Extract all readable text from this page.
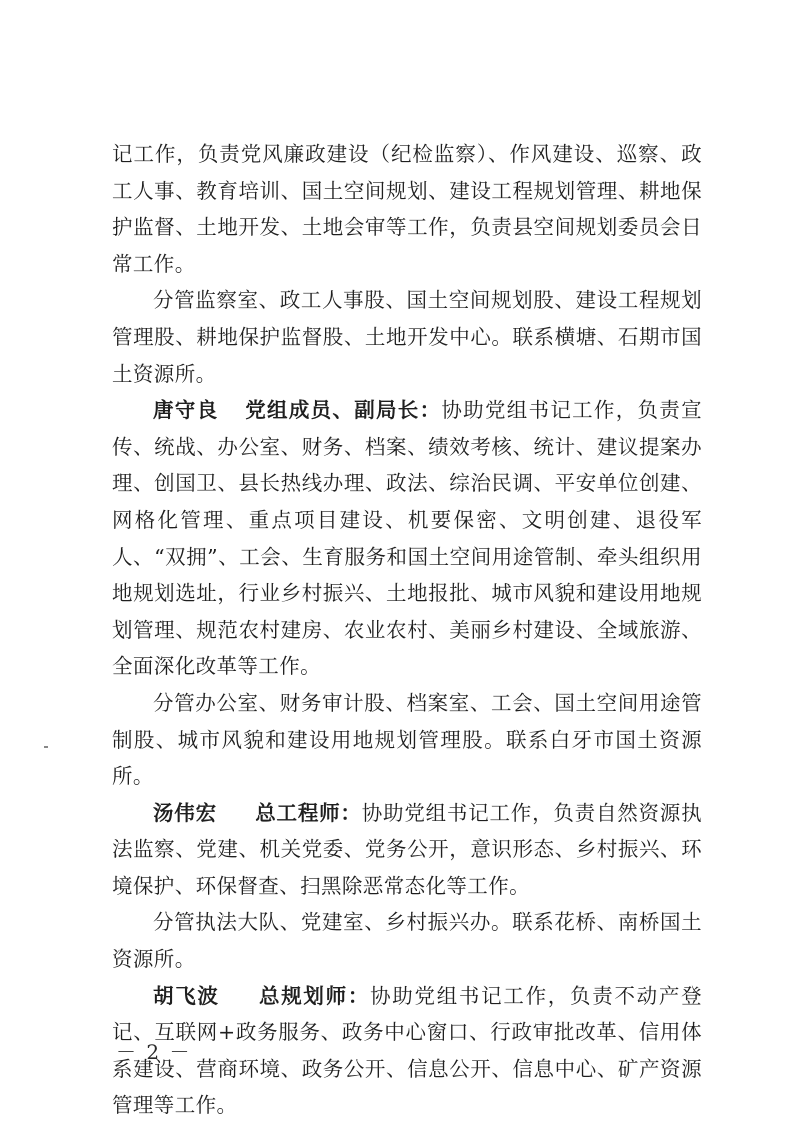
记工作，负责党风廉政建设（纪检监察）、作风建设、巡察、政工人事、教育培训、国土空间规划、建设工程规划管理、耕地保护监督、土地开发、土地会审等工作，负责县空间规划委员会日常工作。

分管监察室、政工人事股、国土空间规划股、建设工程规划管理股、耕地保护监督股、土地开发中心。联系横塘、石期市国土资源所。

唐守良 党组成员、副局长：协助党组书记工作，负责宣传、统战、办公室、财务、档案、绩效考核、统计、建议提案办理、创国卫、县长热线办理、政法、综治民调、平安单位创建、网格化管理、重点项目建设、机要保密、文明创建、退役军人、“双拥”、工会、生育服务和国土空间用途管制、牵头组织用地规划选址，行业乡村振兴、土地报批、城市风貌和建设用地规划管理、规范农村建房、农业农村、美丽乡村建设、全域旅游、全面深化改革等工作。

分管办公室、财务审计股、档案室、工会、国土空间用途管制股、城市风貌和建设用地规划管理股。联系白牙市国土资源所。

汤伟宏 总工程师：协助党组书记工作，负责自然资源执法监察、党建、机关党委、党务公开，意识形态、乡村振兴、环境保护、环保督查、扫黑除恶常态化等工作。

分管执法大队、党建室、乡村振兴办。联系花桥、南桥国土资源所。

胡飞波 总规划师：协助党组书记工作，负责不动产登记、互联网+政务服务、政务中心窗口、行政审批改革、信用体系建设、营商环境、政务公开、信息公开、信息中心、矿产资源管理等工作。

－ 2 －
